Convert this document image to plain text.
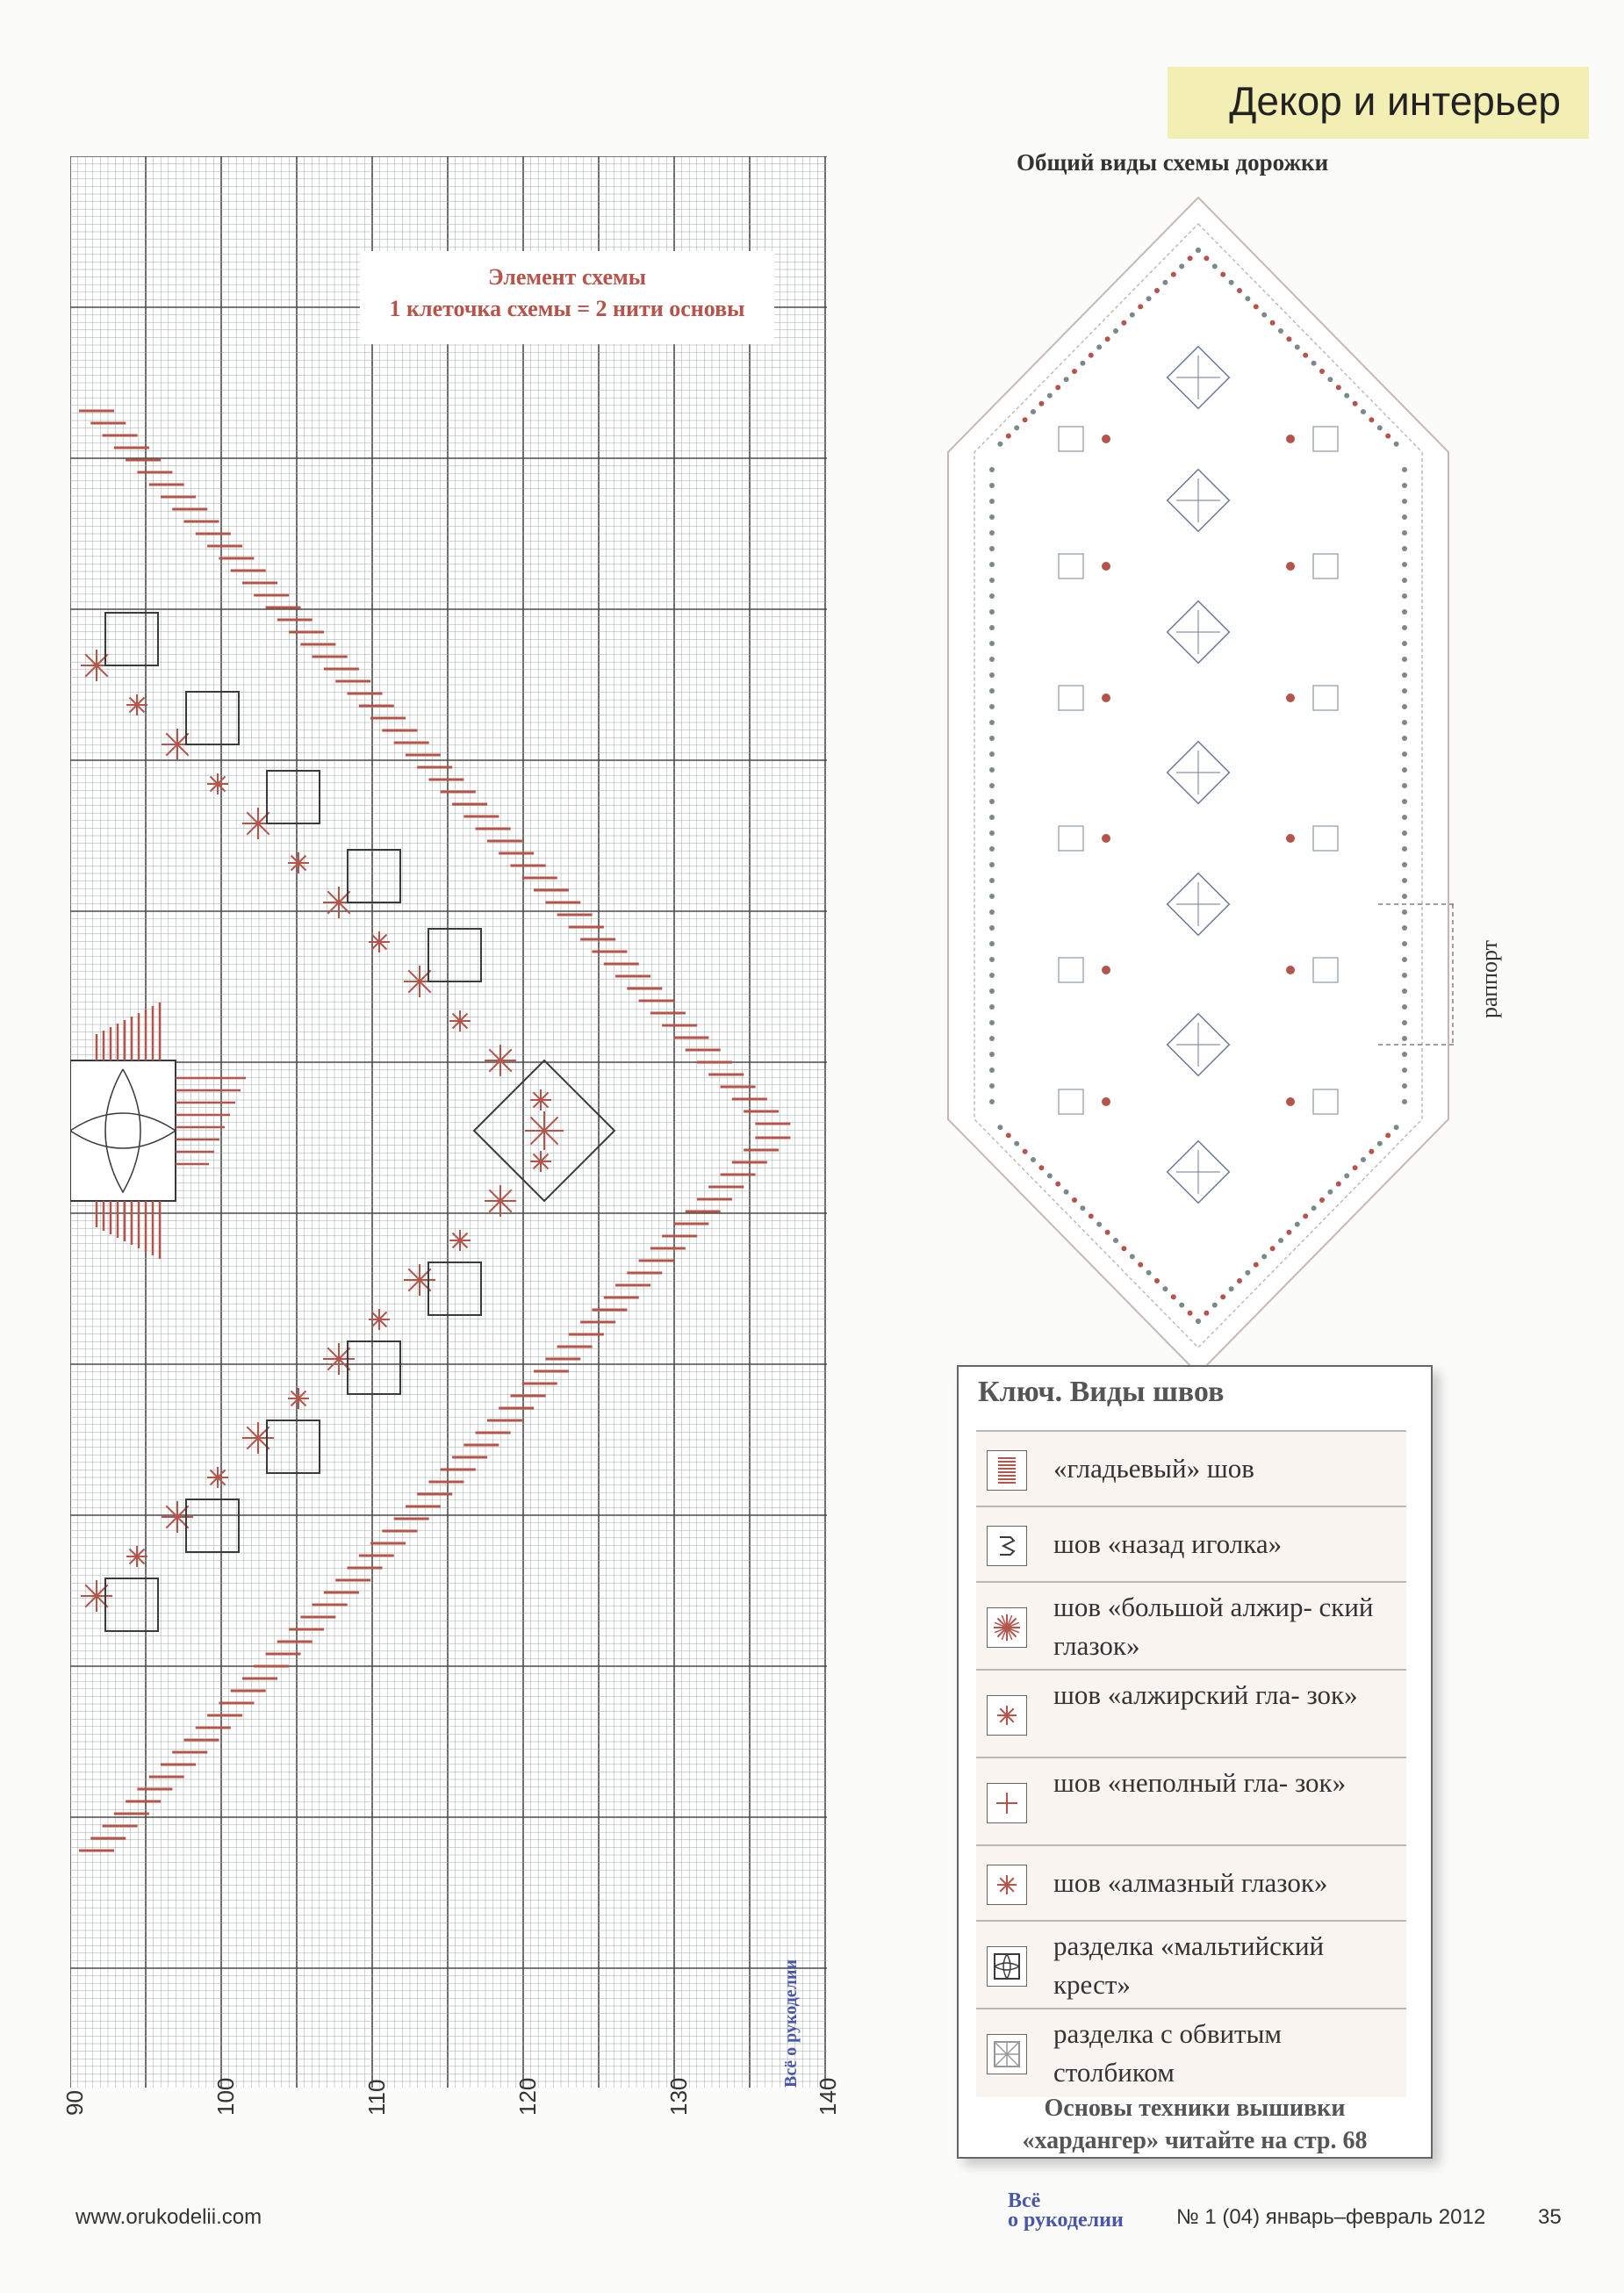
Декор и интерьер
Элемент схемы
1 клеточка схемы = 2 нити основы
90	100	110	120	130	140
Всё о рукоделии
Общий виды схемы дорожки
раппорт
Ключ. Виды швов
«гладьевый» шов
шов «назад иголка»
шов «большой алжир- ский глазок»
шов «алжирский гла- зок»
шов «неполный гла- зок»
шов «алмазный глазок»
разделка «мальтийский крест»
разделка с обвитым столбиком
Основы техники вышивки
«хардангер» читайте на стр. 68
www.orukodelii.com
Всё
о рукоделии	№ 1 (04) январь–февраль 2012 35
